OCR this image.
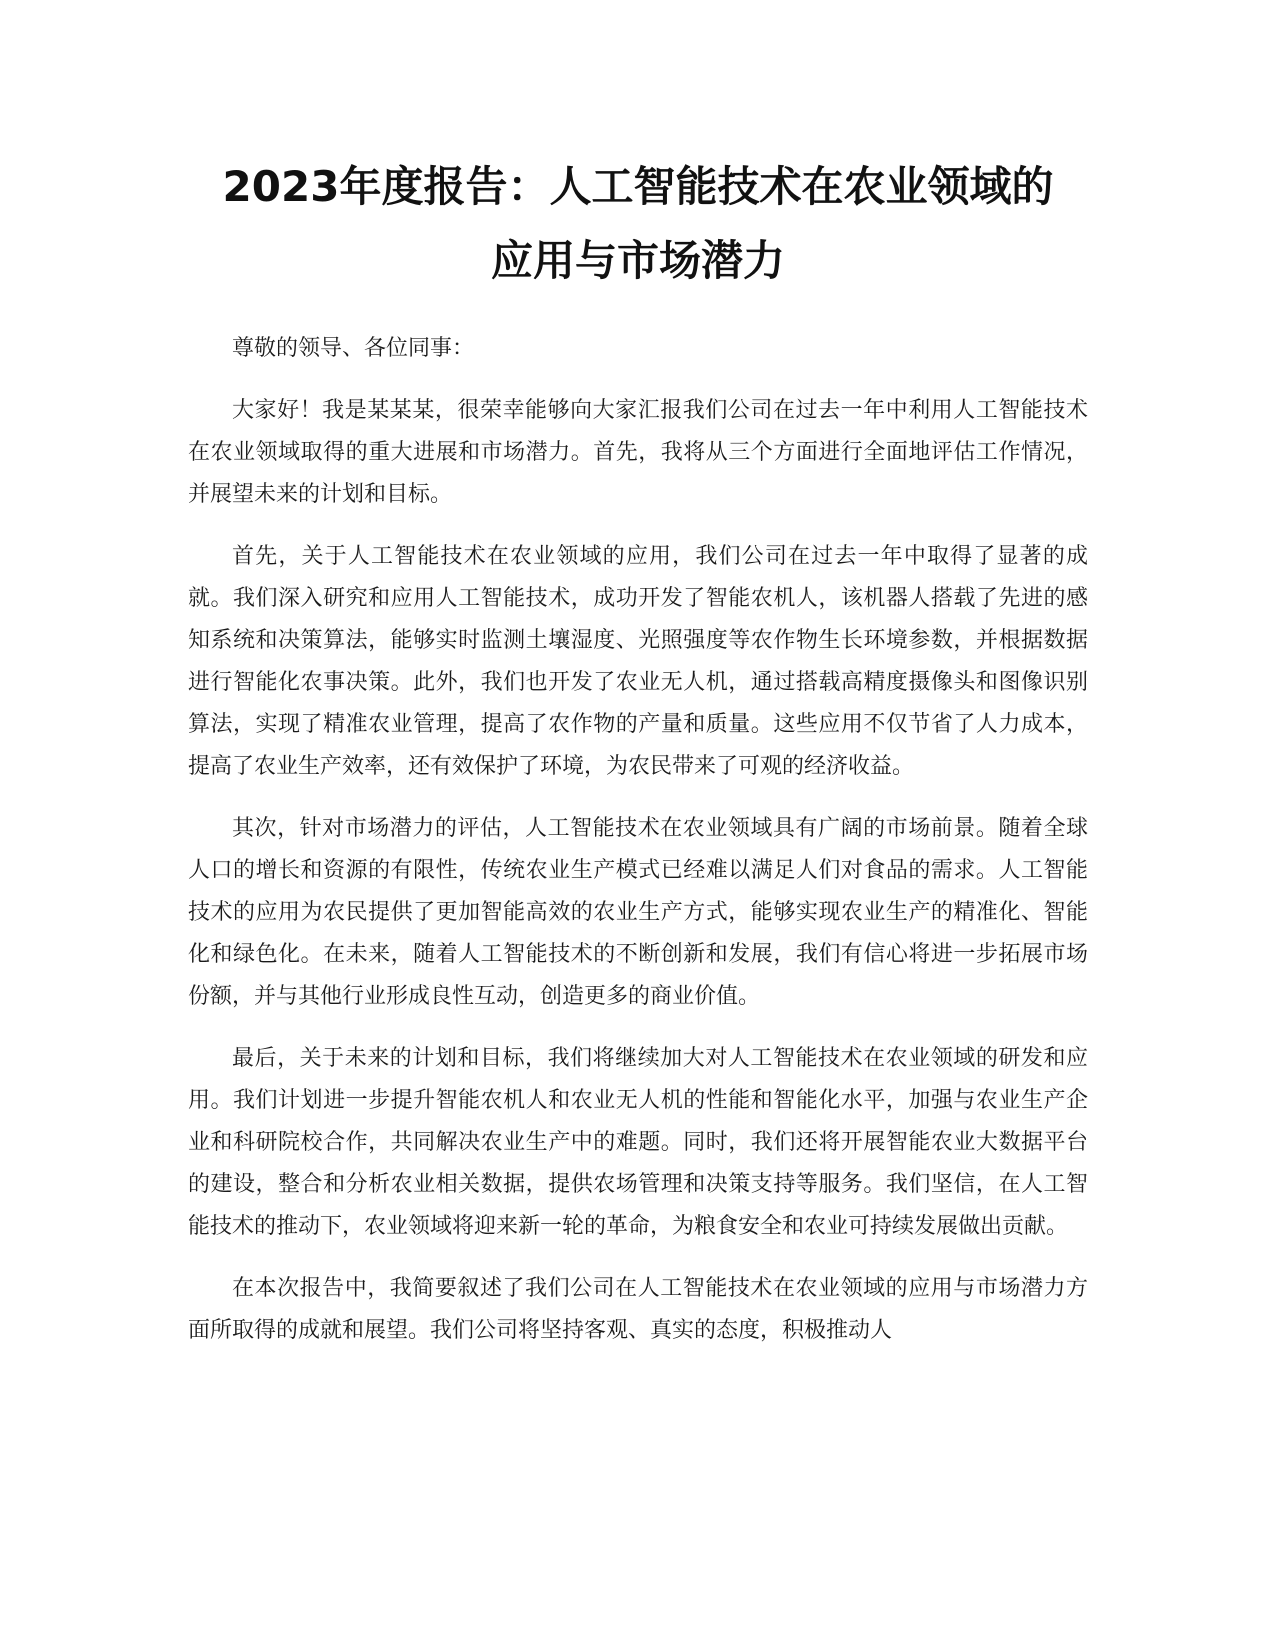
2023年度报告：人工智能技术在农业领域的
应用与市场潜力

尊敬的领导、各位同事：

大家好！我是某某某，很荣幸能够向大家汇报我们公司在过去一年中利用人工智能技术在农业领域取得的重大进展和市场潜力。首先，我将从三个方面进行全面地评估工作情况，并展望未来的计划和目标。

首先，关于人工智能技术在农业领域的应用，我们公司在过去一年中取得了显著的成就。我们深入研究和应用人工智能技术，成功开发了智能农机人，该机器人搭载了先进的感知系统和决策算法，能够实时监测土壤湿度、光照强度等农作物生长环境参数，并根据数据进行智能化农事决策。此外，我们也开发了农业无人机，通过搭载高精度摄像头和图像识别算法，实现了精准农业管理，提高了农作物的产量和质量。这些应用不仅节省了人力成本，提高了农业生产效率，还有效保护了环境，为农民带来了可观的经济收益。

其次，针对市场潜力的评估，人工智能技术在农业领域具有广阔的市场前景。随着全球人口的增长和资源的有限性，传统农业生产模式已经难以满足人们对食品的需求。人工智能技术的应用为农民提供了更加智能高效的农业生产方式，能够实现农业生产的精准化、智能化和绿色化。在未来，随着人工智能技术的不断创新和发展，我们有信心将进一步拓展市场份额，并与其他行业形成良性互动，创造更多的商业价值。

最后，关于未来的计划和目标，我们将继续加大对人工智能技术在农业领域的研发和应用。我们计划进一步提升智能农机人和农业无人机的性能和智能化水平，加强与农业生产企业和科研院校合作，共同解决农业生产中的难题。同时，我们还将开展智能农业大数据平台的建设，整合和分析农业相关数据，提供农场管理和决策支持等服务。我们坚信，在人工智能技术的推动下，农业领域将迎来新一轮的革命，为粮食安全和农业可持续发展做出贡献。

在本次报告中，我简要叙述了我们公司在人工智能技术在农业领域的应用与市场潜力方面所取得的成就和展望。我们公司将坚持客观、真实的态度，积极推动人
